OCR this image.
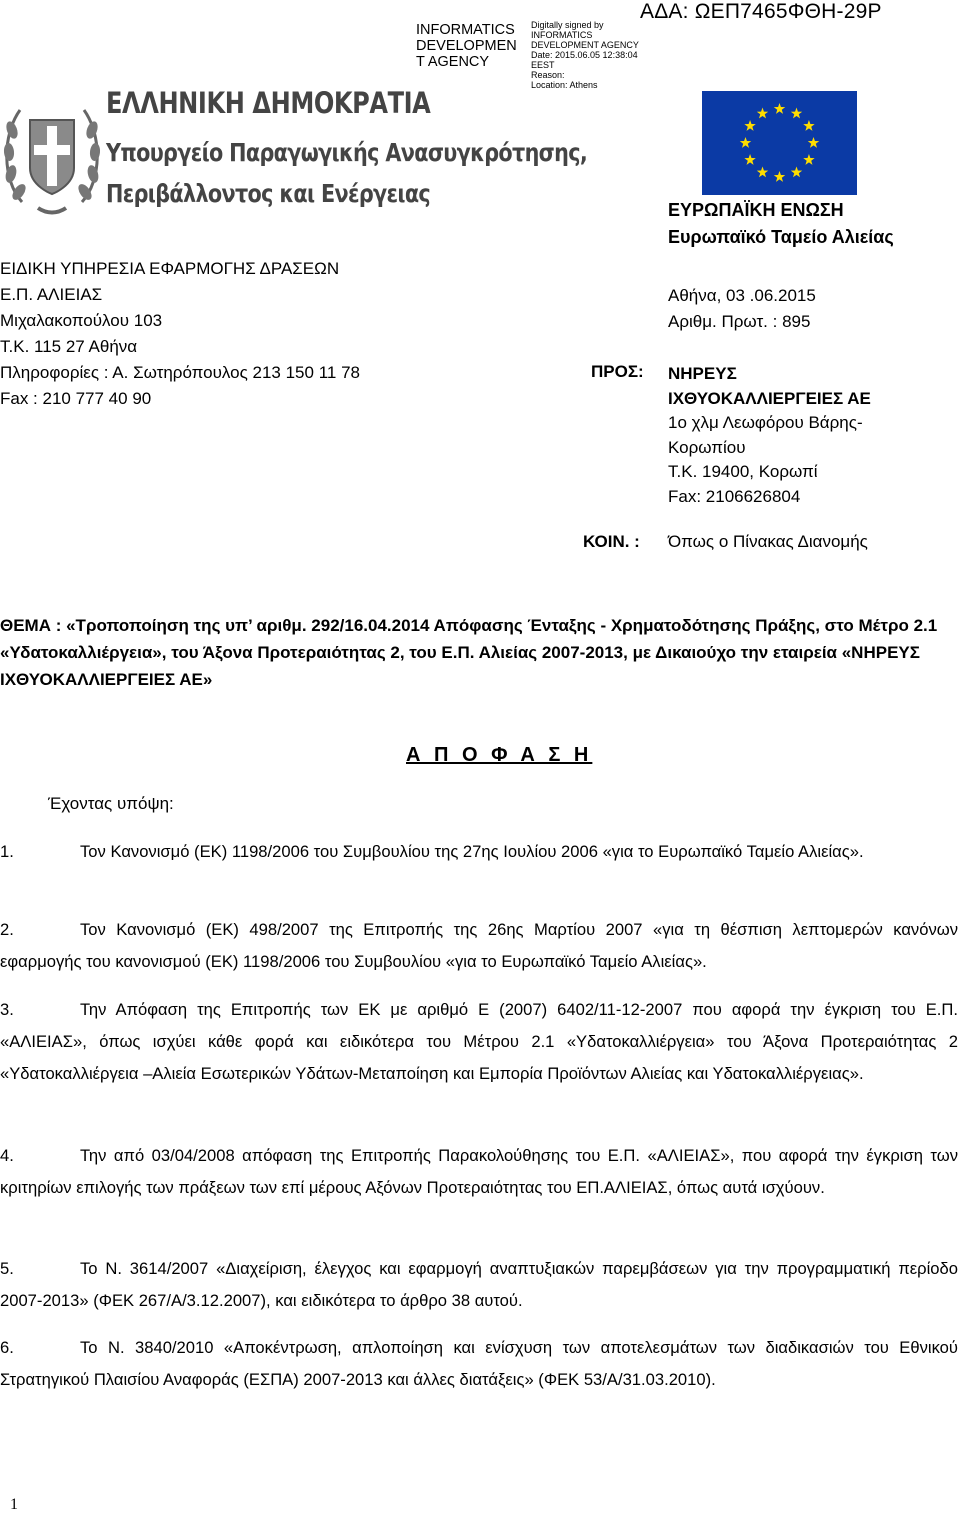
INFORMATICS DEVELOPMEN T AGENCY
Digitally signed by
INFORMATICS
DEVELOPMENT AGENCY
Date: 2015.06.05 12:38:04
EEST
Reason:
Location: Athens
ΑΔΑ: ΩΕΠ7465ΦΘΗ-29Ρ
ΕΛΛΗΝΙΚΗ ΔΗΜΟΚΡΑΤΙΑ
Υπουργείο Παραγωγικής Ανασυγκρότησης,
Περιβάλλοντος και Ενέργειας
ΕΥΡΩΠΑΪΚΗ ΕΝΩΣΗ
Ευρωπαϊκό Ταμείο Αλιείας
ΕΙΔΙΚΗ ΥΠΗΡΕΣΙΑ ΕΦΑΡΜΟΓΗΣ ΔΡΑΣΕΩΝ
Ε.Π. ΑΛΙΕΙΑΣ
Μιχαλακοπούλου 103
Τ.Κ. 115 27 Αθήνα
Πληροφορίες : Α. Σωτηρόπουλος 213 150 11 78
Fax : 210 777 40 90
Αθήνα, 03 .06.2015
Αριθμ. Πρωτ. : 895
ΠΡΟΣ: ΝΗΡΕΥΣ
ΙΧΘΥΟΚΑΛΛΙΕΡΓΕΙΕΣ ΑΕ
1ο χλμ Λεωφόρου Βάρης-
Κορωπίου
Τ.Κ. 19400, Κορωπί
Fax: 2106626804
ΚΟΙΝ. : Όπως ο Πίνακας Διανομής
ΘΕΜΑ : «Τροποποίηση της υπ’ αριθμ. 292/16.04.2014 Απόφασης Ένταξης - Χρηματοδότησης Πράξης, στο Μέτρο 2.1 «Υδατοκαλλιέργεια», του Άξονα Προτεραιότητας 2, του Ε.Π. Αλιείας 2007-2013, με Δικαιούχο την εταιρεία «ΝΗΡΕΥΣ ΙΧΘΥΟΚΑΛΛΙΕΡΓΕΙΕΣ ΑΕ»
Α Π Ο Φ Α Σ Η
Έχοντας υπόψη:
1.	Τον Κανονισμό (ΕΚ) 1198/2006 του Συμβουλίου της 27ης Ιουλίου 2006 «για το Ευρωπαϊκό Ταμείο Αλιείας».
2.	Τον Κανονισμό (ΕΚ) 498/2007 της Επιτροπής της 26ης Μαρτίου 2007 «για τη θέσπιση λεπτομερών κανόνων εφαρμογής του κανονισμού (ΕΚ) 1198/2006 του Συμβουλίου «για το Ευρωπαϊκό Ταμείο Αλιείας».
3.	Την Απόφαση της Επιτροπής των ΕΚ με αριθμό Ε (2007) 6402/11-12-2007 που αφορά την έγκριση του Ε.Π. «ΑΛΙΕΙΑΣ», όπως ισχύει κάθε φορά και ειδικότερα του Μέτρου 2.1 «Υδατοκαλλιέργεια» του Άξονα Προτεραιότητας 2 «Υδατοκαλλιέργεια –Αλιεία Εσωτερικών Υδάτων-Μεταποίηση και Εμπορία Προϊόντων Αλιείας και Υδατοκαλλιέργειας».
4.	Την από 03/04/2008 απόφαση της Επιτροπής Παρακολούθησης του Ε.Π. «ΑΛΙΕΙΑΣ», που αφορά την έγκριση των κριτηρίων επιλογής των πράξεων των επί μέρους Αξόνων Προτεραιότητας του ΕΠ.ΑΛΙΕΙΑΣ, όπως αυτά ισχύουν.
5.	Το Ν. 3614/2007 «Διαχείριση, έλεγχος και εφαρμογή αναπτυξιακών παρεμβάσεων για την προγραμματική περίοδο 2007-2013» (ΦΕΚ 267/Α/3.12.2007), και ειδικότερα το άρθρο 38 αυτού.
6.	Το Ν. 3840/2010 «Αποκέντρωση, απλοποίηση και ενίσχυση των αποτελεσμάτων των διαδικασιών του Εθνικού Στρατηγικού Πλαισίου Αναφοράς (ΕΣΠΑ) 2007-2013 και άλλες διατάξεις» (ΦΕΚ 53/Α/31.03.2010).
1
